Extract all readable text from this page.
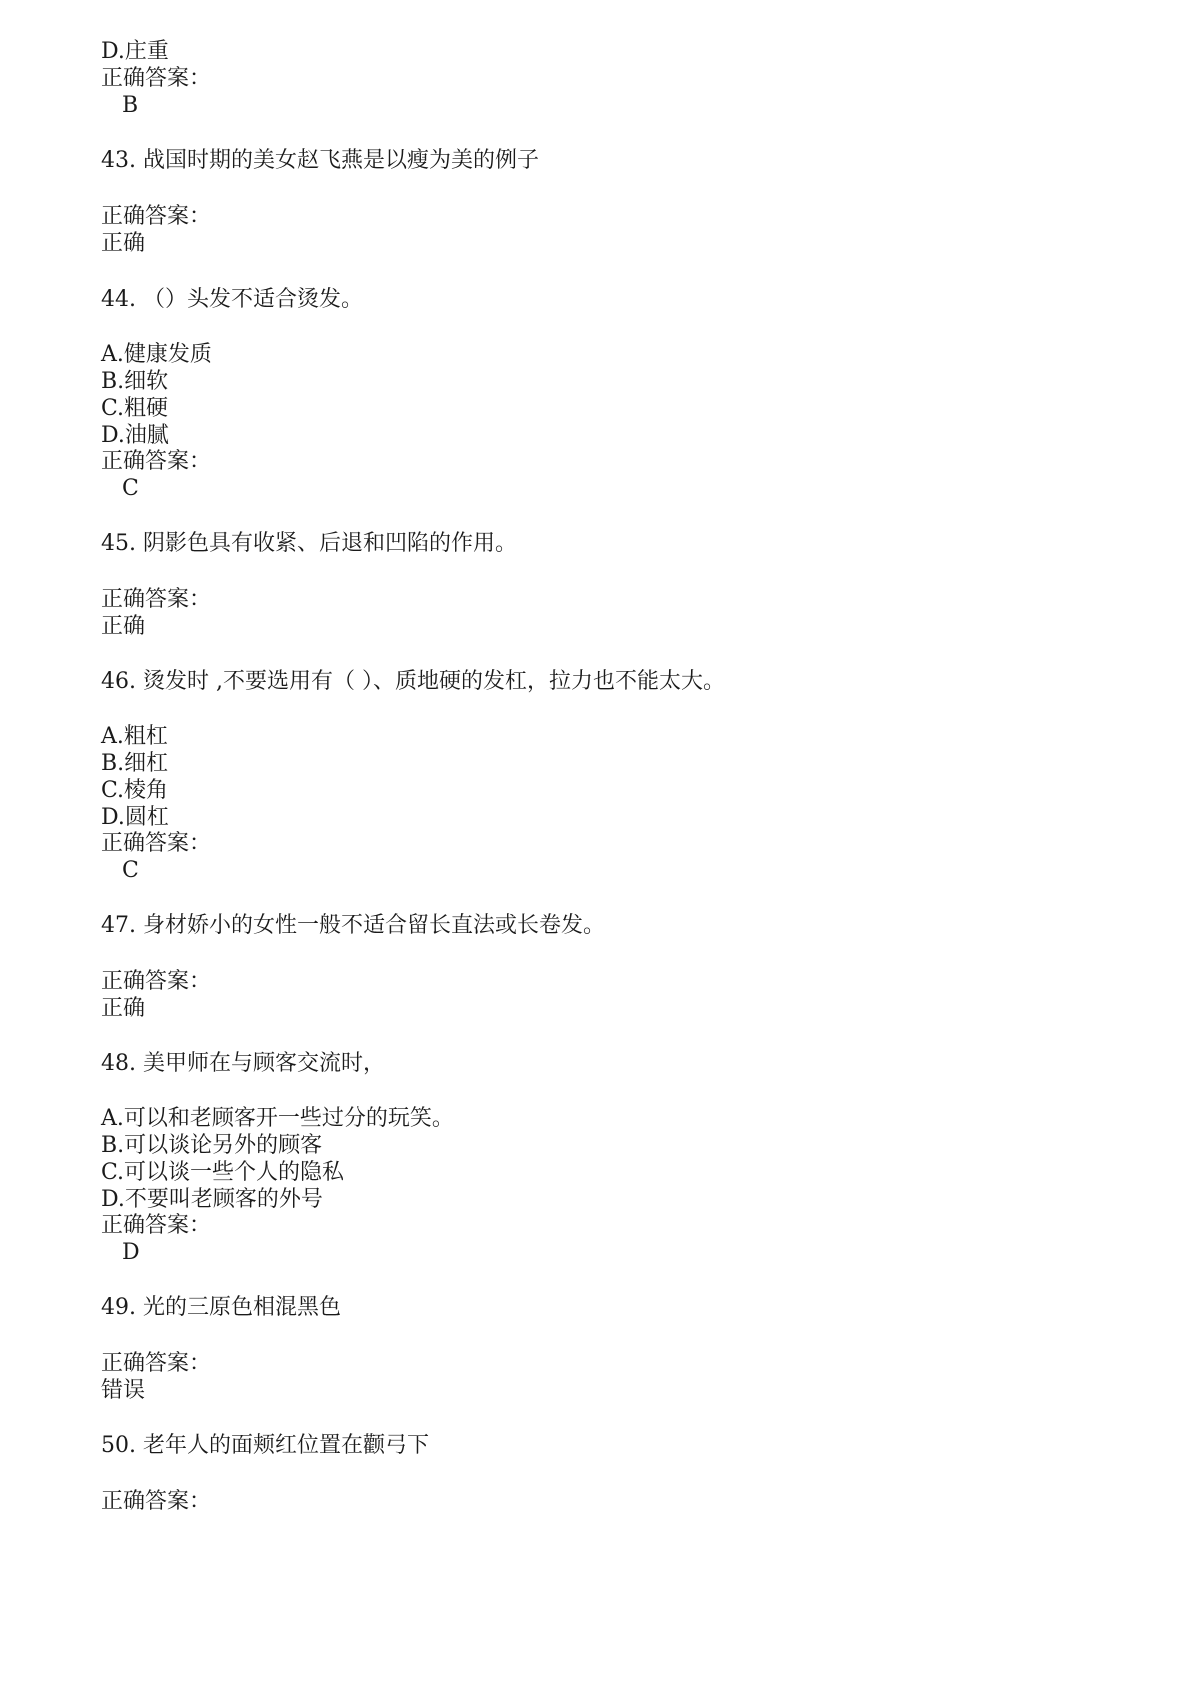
D.庄重
正确答案：
B
43. 战国时期的美女赵飞燕是以瘦为美的例子
正确答案：
正确
44. （）头发不适合烫发。
A.健康发质
B.细软
C.粗硬
D.油腻
正确答案：
C
45. 阴影色具有收紧、后退和凹陷的作用。
正确答案：
正确
46. 烫发时 ,不要选用有（ ）、质地硬的发杠，拉力也不能太大。
A.粗杠
B.细杠
C.棱角
D.圆杠
正确答案：
C
47. 身材娇小的女性一般不适合留长直法或长卷发。
正确答案：
正确
48. 美甲师在与顾客交流时，
A.可以和老顾客开一些过分的玩笑。
B.可以谈论另外的顾客
C.可以谈一些个人的隐私
D.不要叫老顾客的外号
正确答案：
D
49. 光的三原色相混黑色
正确答案：
错误
50. 老年人的面颊红位置在颧弓下
正确答案：
